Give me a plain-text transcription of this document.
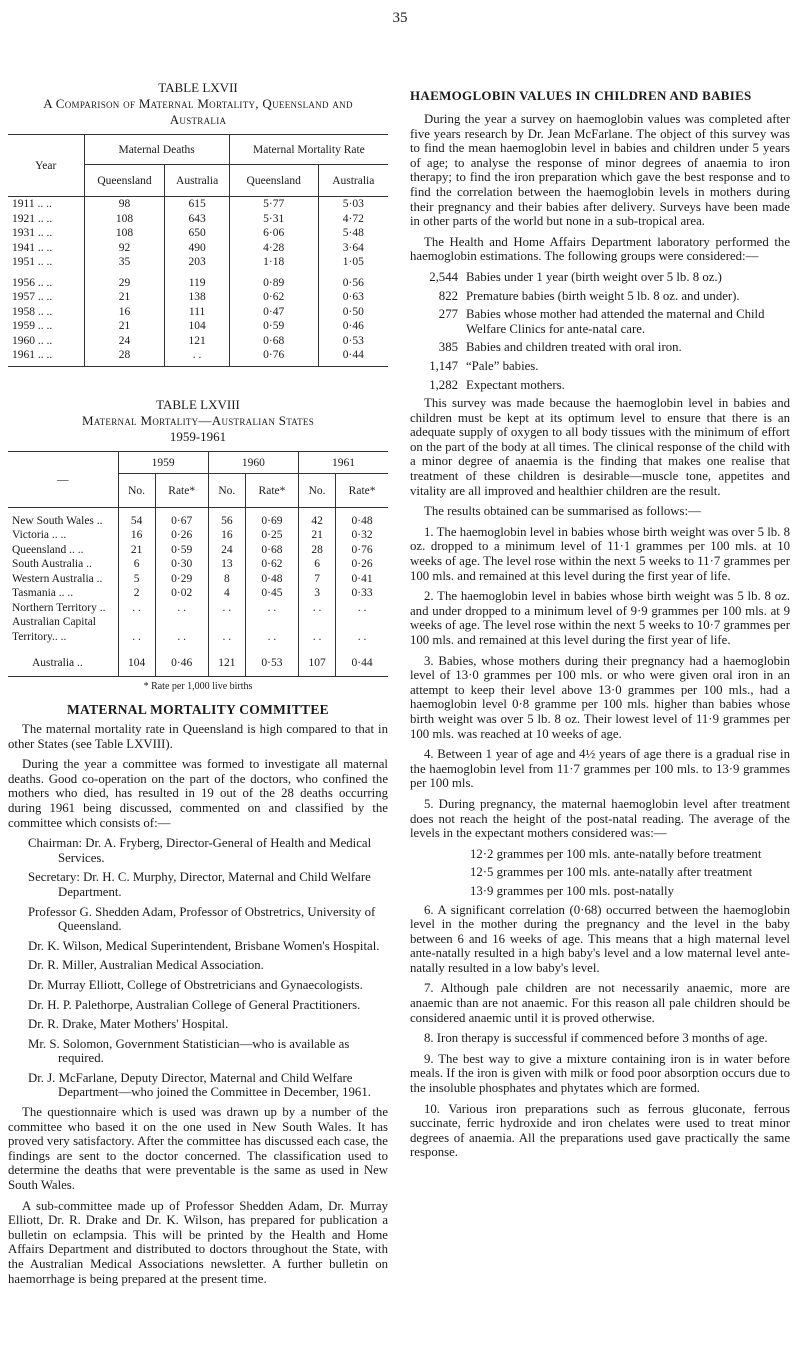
35
TABLE LXVII
A Comparison of Maternal Mortality, Queensland and
Australia
Year	Maternal Deaths		Maternal Mortality Rate	
	Queensland	Australia	Queensland	Australia
1911 .. ..	98	615	5·77	5·03
1921 .. ..	108	643	5·31	4·72
1931 .. ..	108	650	6·06	5·48
1941 .. ..	92	490	4·28	3·64
1951 .. ..	35	203	1·18	1·05

1956 .. ..	29	119	0·89	0·56
1957 .. ..	21	138	0·62	0·63
1958 .. ..	16	111	0·47	0·50
1959 .. ..	21	104	0·59	0·46
1960 .. ..	24	121	0·68	0·53
1961 .. ..	28	. .	0·76	0·44

TABLE LXVIII
Maternal Mortality—Australian States
1959-1961
—	1959		1960		1961	
	No.	Rate*	No.	Rate*	No.	Rate*

New South Wales ..	54	0·67	56	0·69	42	0·48
Victoria .. ..	16	0·26	16	0·25	21	0·32
Queensland .. ..	21	0·59	24	0·68	28	0·76
South Australia ..	6	0·30	13	0·62	6	0·26
Western Australia ..	5	0·29	8	0·48	7	0·41
Tasmania .. ..	2	0·02	4	0·45	3	0·33
Northern Territory ..	. .	. .	. .	. .	. .	. .
Australian Capital						
Territory.. ..	. .	. .	. .	. .	. .	. .

Australia ..	104	0·46	121	0·53	107	0·44

* Rate per 1,000 live births
MATERNAL MORTALITY COMMITTEE

The maternal mortality rate in Queensland is high compared to that in other States (see Table LXVIII).

During the year a committee was formed to investigate all maternal deaths. Good co-operation on the part of the doctors, who confined the mothers who died, has resulted in 19 out of the 28 deaths occurring during 1961 being discussed, commented on and classified by the committee which consists of:—

Chairman: Dr. A. Fryberg, Director-General of Health and Medical Services.
Secretary: Dr. H. C. Murphy, Director, Maternal and Child Welfare Department.
Professor G. Shedden Adam, Professor of Obstretrics, University of Queensland.
Dr. K. Wilson, Medical Superintendent, Brisbane Women's Hospital.
Dr. R. Miller, Australian Medical Association.
Dr. Murray Elliott, College of Obstretricians and Gynaecologists.
Dr. H. P. Palethorpe, Australian College of General Practitioners.
Dr. R. Drake, Mater Mothers' Hospital.
Mr. S. Solomon, Government Statistician—who is available as required.
Dr. J. McFarlane, Deputy Director, Maternal and Child Welfare Department—who joined the Committee in December, 1961.

The questionnaire which is used was drawn up by a number of the committee who based it on the one used in New South Wales. It has proved very satisfactory. After the committee has discussed each case, the findings are sent to the doctor concerned. The classification used to determine the deaths that were preventable is the same as used in New South Wales.

A sub-committee made up of Professor Shedden Adam, Dr. Murray Elliott, Dr. R. Drake and Dr. K. Wilson, has prepared for publication a bulletin on eclampsia. This will be printed by the Health and Home Affairs Department and distributed to doctors throughout the State, with the Australian Medical Associations newsletter. A further bulletin on haemorrhage is being prepared at the present time.

HAEMOGLOBIN VALUES IN CHILDREN AND BABIES

During the year a survey on haemoglobin values was completed after five years research by Dr. Jean McFarlane. The object of this survey was to find the mean haemoglobin level in babies and children under 5 years of age; to analyse the response of minor degrees of anaemia to iron therapy; to find the iron preparation which gave the best response and to find the correlation between the haemoglobin levels in mothers during their pregnancy and their babies after delivery. Surveys have been made in other parts of the world but none in a sub-tropical area.

The Health and Home Affairs Department laboratory performed the haemoglobin estimations. The following groups were considered:—

2,544 Babies under 1 year (birth weight over 5 lb. 8 oz.)
822 Premature babies (birth weight 5 lb. 8 oz. and under).
277 Babies whose mother had attended the maternal and Child Welfare Clinics for ante-natal care.
385 Babies and children treated with oral iron.
1,147 “Pale” babies.
1,282 Expectant mothers.

This survey was made because the haemoglobin level in babies and children must be kept at its optimum level to ensure that there is an adequate supply of oxygen to all body tissues with the minimum of effort on the part of the body at all times. The clinical response of the child with a minor degree of anaemia is the finding that makes one realise that treatment of these children is desirable—muscle tone, appetites and vitality are all improved and healthier children are the result.

The results obtained can be summarised as follows:—

1. The haemoglobin level in babies whose birth weight was over 5 lb. 8 oz. dropped to a minimum level of 11·1 grammes per 100 mls. at 10 weeks of age. The level rose within the next 5 weeks to 11·7 grammes per 100 mls. and remained at this level during the first year of life.

2. The haemoglobin level in babies whose birth weight was 5 lb. 8 oz. and under dropped to a minimum level of 9·9 grammes per 100 mls. at 9 weeks of age. The level rose within the next 5 weeks to 10·7 grammes per 100 mls. and remained at this level during the first year of life.

3. Babies, whose mothers during their pregnancy had a haemoglobin level of 13·0 grammes per 100 mls. or who were given oral iron in an attempt to keep their level above 13·0 grammes per 100 mls., had a haemoglobin level 0·8 gramme per 100 mls. higher than babies whose birth weight was over 5 lb. 8 oz. Their lowest level of 11·9 grammes per 100 mls. was reached at 10 weeks of age.

4. Between 1 year of age and 4½ years of age there is a gradual rise in the haemoglobin level from 11·7 grammes per 100 mls. to 13·9 grammes per 100 mls.

5. During pregnancy, the maternal haemoglobin level after treatment does not reach the height of the post-natal reading. The average of the levels in the expectant mothers considered was:—

12·2 grammes per 100 mls. ante-natally before treatment
12·5 grammes per 100 mls. ante-natally after treatment
13·9 grammes per 100 mls. post-natally

6. A significant correlation (0·68) occurred between the haemoglobin level in the mother during the pregnancy and the level in the baby between 6 and 16 weeks of age. This means that a high maternal level ante-natally resulted in a high baby's level and a low maternal level ante-natally resulted in a low baby's level.

7. Although pale children are not necessarily anaemic, more are anaemic than are not anaemic. For this reason all pale children should be considered anaemic until it is proved otherwise.

8. Iron therapy is successful if commenced before 3 months of age.

9. The best way to give a mixture containing iron is in water before meals. If the iron is given with milk or food poor absorption occurs due to the insoluble phosphates and phytates which are formed.

10. Various iron preparations such as ferrous gluconate, ferrous succinate, ferric hydroxide and iron chelates were used to treat minor degrees of anaemia. All the preparations used gave practically the same response.
